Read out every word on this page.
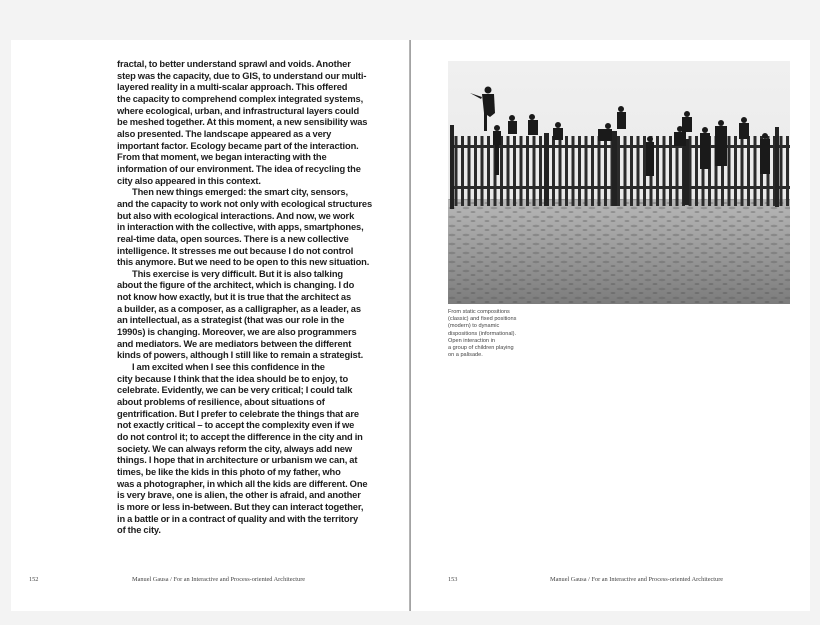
fractal, to better understand sprawl and voids. Another

step was the capacity, due to GIS, to understand our multi-

layered reality in a multi-scalar approach. This offered

the capacity to comprehend complex integrated systems,

where ecological, urban, and infrastructural layers could

be meshed together. At this moment, a new sensibility was

also presented. The landscape appeared as a very

important factor. Ecology became part of the interaction.

From that moment, we began interacting with the

information of our environment. The idea of recycling the

city also appeared in this context.

Then new things emerged: the smart city, sensors,

and the capacity to work not only with ecological structures

but also with ecological interactions. And now, we work

in interaction with the collective, with apps, smartphones,

real-time data, open sources. There is a new collective

intelligence. It stresses me out because I do not control

this anymore. But we need to be open to this new situation.

This exercise is very difficult. But it is also talking

about the figure of the architect, which is changing. I do

not know how exactly, but it is true that the architect as

a builder, as a composer, as a calligrapher, as a leader, as

an intellectual, as a strategist (that was our role in the

1990s) is changing. Moreover, we are also programmers

and mediators. We are mediators between the different

kinds of powers, although I still like to remain a strategist.

I am excited when I see this confidence in the

city because I think that the idea should be to enjoy, to

celebrate. Evidently, we can be very critical; I could talk

about problems of resilience, about situations of

gentrification. But I prefer to celebrate the things that are

not exactly critical – to accept the complexity even if we

do not control it; to accept the difference in the city and in

society. We can always reform the city, always add new

things. I hope that in architecture or urbanism we can, at

times, be like the kids in this photo of my father, who

was a photographer, in which all the kids are different. One

is very brave, one is alien, the other is afraid, and another

is more or less in-between. But they can interact together,

in a battle or in a contract of quality and with the territory

of the city.

152	Manuel Gausa / For an Interactive and Process-oriented Architecture

From static compositions

(classic) and fixed positions

(modern) to dynamic

dispositions (informational).

Open interaction in

a group of children playing

on a palisade.

153	Manuel Gausa / For an Interactive and Process-oriented Architecture
